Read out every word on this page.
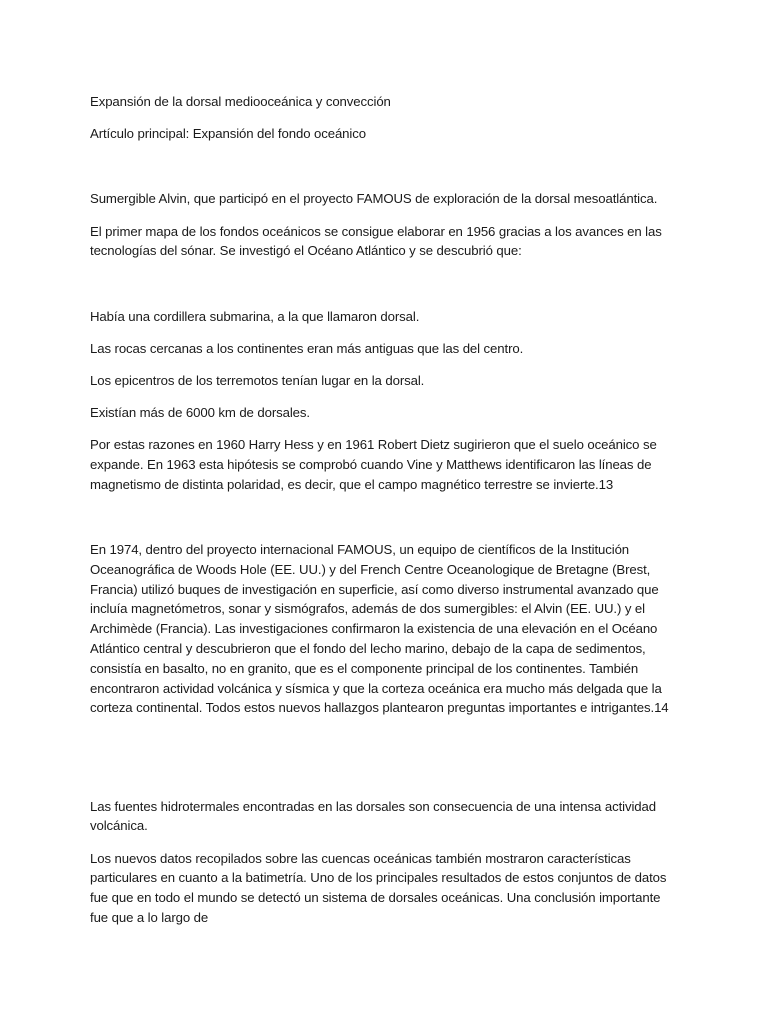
Expansión de la dorsal mediooceánica y convección

Artículo principal: Expansión del fondo oceánico

Sumergible Alvin, que participó en el proyecto FAMOUS de exploración de la dorsal mesoatlántica.

El primer mapa de los fondos oceánicos se consigue elaborar en 1956 gracias a los avances en las tecnologías del sónar. Se investigó el Océano Atlántico y se descubrió que:

Había una cordillera submarina, a la que llamaron dorsal.

Las rocas cercanas a los continentes eran más antiguas que las del centro.

Los epicentros de los terremotos tenían lugar en la dorsal.

Existían más de 6000 km de dorsales.

Por estas razones en 1960 Harry Hess y en 1961 Robert Dietz sugirieron que el suelo oceánico se expande. En 1963 esta hipótesis se comprobó cuando Vine y Matthews identificaron las líneas de magnetismo de distinta polaridad, es decir, que el campo magnético terrestre se invierte.13

En 1974, dentro del proyecto internacional FAMOUS, un equipo de científicos de la Institución Oceanográfica de Woods Hole (EE. UU.) y del French Centre Oceanologique de Bretagne (Brest, Francia) utilizó buques de investigación en superficie, así como diverso instrumental avanzado que incluía magnetómetros, sonar y sismógrafos, además de dos sumergibles: el Alvin (EE. UU.) y el Archimède (Francia). Las investigaciones confirmaron la existencia de una elevación en el Océano Atlántico central y descubrieron que el fondo del lecho marino, debajo de la capa de sedimentos, consistía en basalto, no en granito, que es el componente principal de los continentes. También encontraron actividad volcánica y sísmica y que la corteza oceánica era mucho más delgada que la corteza continental. Todos estos nuevos hallazgos plantearon preguntas importantes e intrigantes.14

Las fuentes hidrotermales encontradas en las dorsales son consecuencia de una intensa actividad volcánica.

Los nuevos datos recopilados sobre las cuencas oceánicas también mostraron características particulares en cuanto a la batimetría. Uno de los principales resultados de estos conjuntos de datos fue que en todo el mundo se detectó un sistema de dorsales oceánicas. Una conclusión importante fue que a lo largo de
